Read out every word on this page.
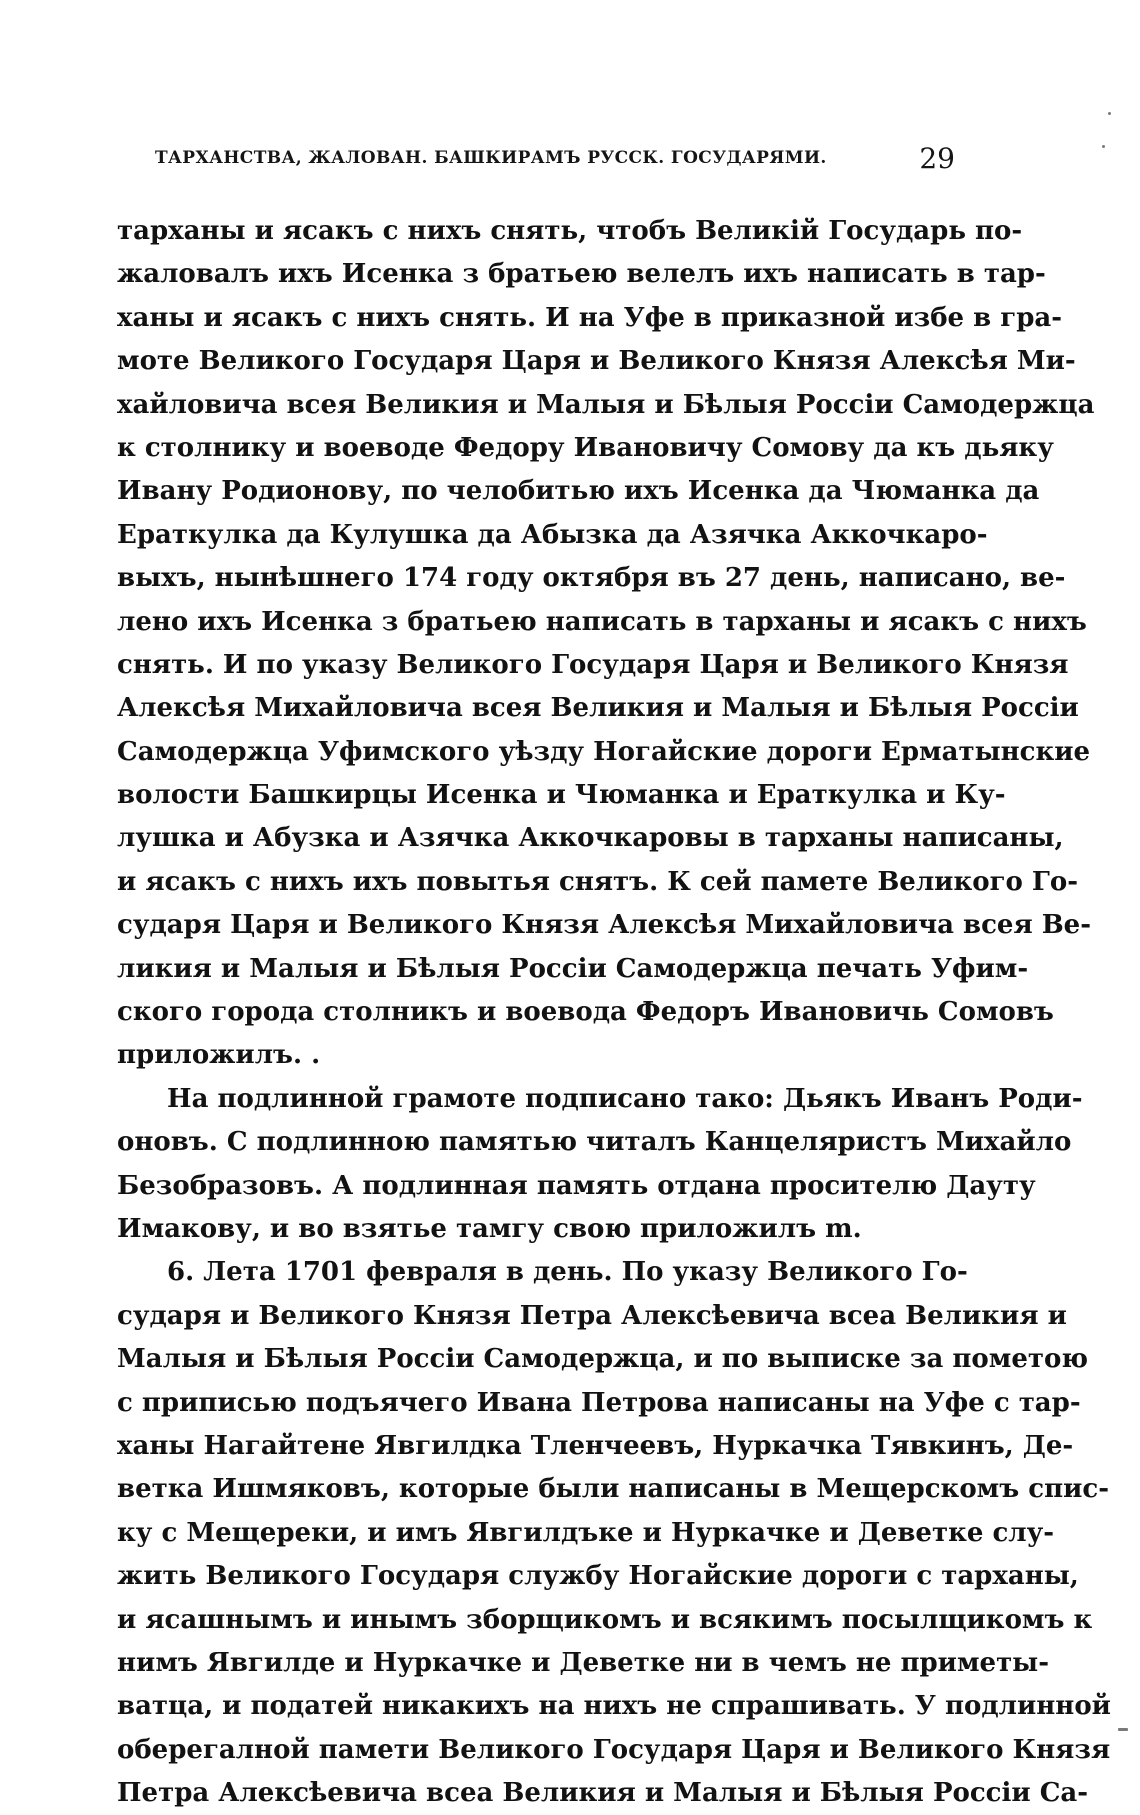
ТАРХАНСТВА, ЖАЛОВАН. БАШКИРАМЪ РУССК. ГОСУДАРЯМИ.	29
тарханы и ясакъ с нихъ снять, чтобъ Великій Государь по-
жаловалъ ихъ Исенка з братьею велелъ ихъ написать в тар-
ханы и ясакъ с нихъ снять. И на Уфе в приказной избе в гра-
моте Великого Государя Царя и Великого Князя Алексѣя Ми-
хайловича всея Великия и Малыя и Бѣлыя Россіи Самодержца
к столнику и воеводе Федору Ивановичу Сомову да къ дьяку
Ивану Родионову, по челобитью ихъ Исенка да Чюманка да
Ераткулка да Кулушка да Абызка да Азячка Аккочкаро-
выхъ, нынѣшнего 174 году октября въ 27 день, написано, ве-
лено ихъ Исенка з братьею написать в тарханы и ясакъ с нихъ
снять. И по указу Великого Государя Царя и Великого Князя
Алексѣя Михайловича всея Великия и Малыя и Бѣлыя Россіи
Самодержца Уфимского уѣзду Ногайские дороги Ерматынские
волости Башкирцы Исенка и Чюманка и Ераткулка и Ку-
лушка и Абузка и Азячка Аккочкаровы в тарханы написаны,
и ясакъ с нихъ ихъ повытья снятъ. К сей памете Великого Го-
сударя Царя и Великого Князя Алексѣя Михайловича всея Ве-
ликия и Малыя и Бѣлыя Россіи Самодержца печать Уфим-
ского города столникъ и воевода Федоръ Ивановичь Сомовъ
приложилъ. .
На подлинной грамоте подписано тако: Дьякъ Иванъ Роди-
оновъ. С подлинною памятью читалъ Канцеляристъ Михайло
Безобразовъ. А подлинная память отдана просителю Дауту
Имакову, и во взятье тамгу свою приложилъ m.
6. Лета 1701 февраля в день. По указу Великого Го-
сударя и Великого Князя Петра Алексѣевича всеа Великия и
Малыя и Бѣлыя Россіи Самодержца, и по выписке за пометою
с приписью подъячего Ивана Петрова написаны на Уфе с тар-
ханы Нагайтене Явгилдка Тленчеевъ, Нуркачка Тявкинъ, Де-
ветка Ишмяковъ, которые были написаны в Мещерскомъ спис-
ку с Мещереки, и имъ Явгилдъке и Нуркачке и Деветке слу-
жить Великого Государя службу Ногайские дороги с тарханы,
и ясашнымъ и инымъ зборщикомъ и всякимъ посылщикомъ к
нимъ Явгилде и Нуркачке и Деветке ни в чемъ не приметы-
ватца, и податей никакихъ на нихъ не спрашивать. У подлинной
оберегалной памети Великого Государя Царя и Великого Князя
Петра Алексѣевича всеа Великия и Малыя и Бѣлыя Россіи Са-
